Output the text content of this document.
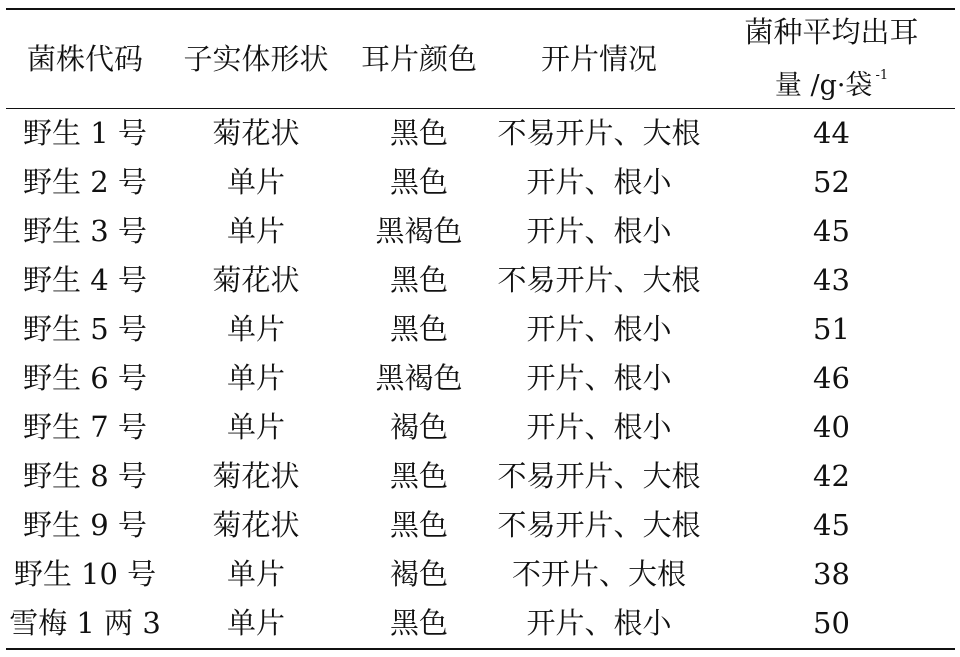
菌株代码	子实体形状	耳片颜色	开片情况	菌种平均出耳
量 /g·袋 $^{-1}$

野生 1 号	菊花状	黑色	不易开片、大根	44
野生 2 号	单片	黑色	开片、根小	52
野生 3 号	单片	黑褐色	开片、根小	45
野生 4 号	菊花状	黑色	不易开片、大根	43
野生 5 号	单片	黑色	开片、根小	51
野生 6 号	单片	黑褐色	开片、根小	46
野生 7 号	单片	褐色	开片、根小	40
野生 8 号	菊花状	黑色	不易开片、大根	42
野生 9 号	菊花状	黑色	不易开片、大根	45
野生 10 号	单片	褐色	不开片、大根	38
雪梅 1 两 3	单片	黑色	开片、根小	50
